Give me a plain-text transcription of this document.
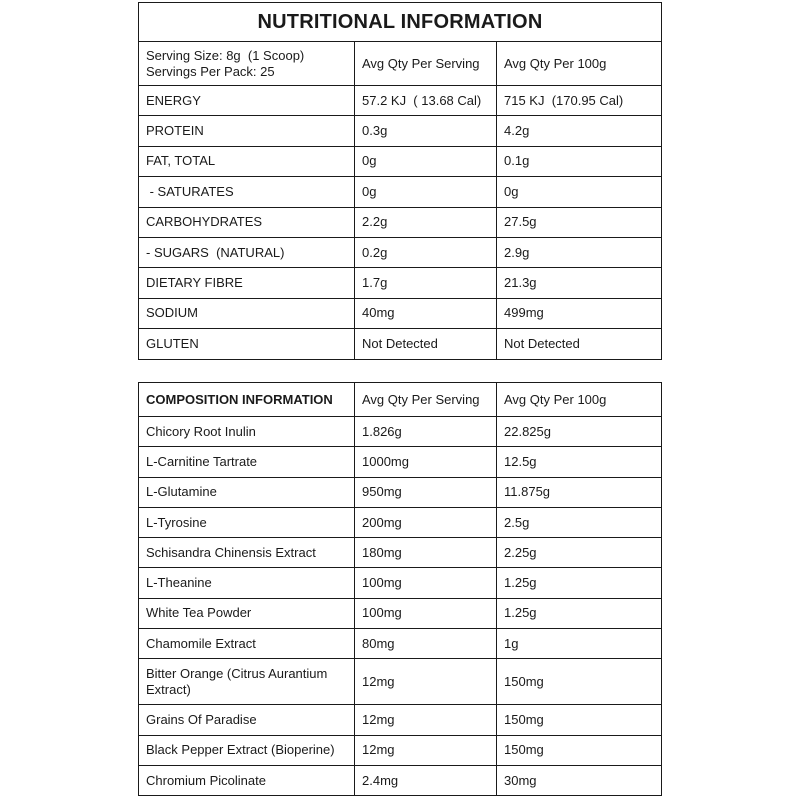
NUTRITIONAL INFORMATION		

Serving Size: 8g  (1 Scoop)
Servings Per Pack: 25	Avg Qty Per Serving	Avg Qty Per 100g
ENERGY	57.2 KJ  ( 13.68 Cal)	715 KJ  (170.95 Cal)
PROTEIN	0.3g	4.2g
FAT, TOTAL	0g	0.1g
- SATURATES	0g	0g
CARBOHYDRATES	2.2g	27.5g
- SUGARS  (NATURAL)	0.2g	2.9g
DIETARY FIBRE	1.7g	21.3g
SODIUM	40mg	499mg
GLUTEN	Not Detected	Not Detected
COMPOSITION INFORMATION	Avg Qty Per Serving	Avg Qty Per 100g
Chicory Root Inulin	1.826g	22.825g
L-Carnitine Tartrate	1000mg	12.5g
L-Glutamine	950mg	11.875g
L-Tyrosine	200mg	2.5g
Schisandra Chinensis Extract	180mg	2.25g
L-Theanine	100mg	1.25g
White Tea Powder	100mg	1.25g
Chamomile Extract	80mg	1g
Bitter Orange (Citrus Aurantium Extract)	12mg	150mg
Grains Of Paradise	12mg	150mg
Black Pepper Extract (Bioperine)	12mg	150mg
Chromium Picolinate	2.4mg	30mg
